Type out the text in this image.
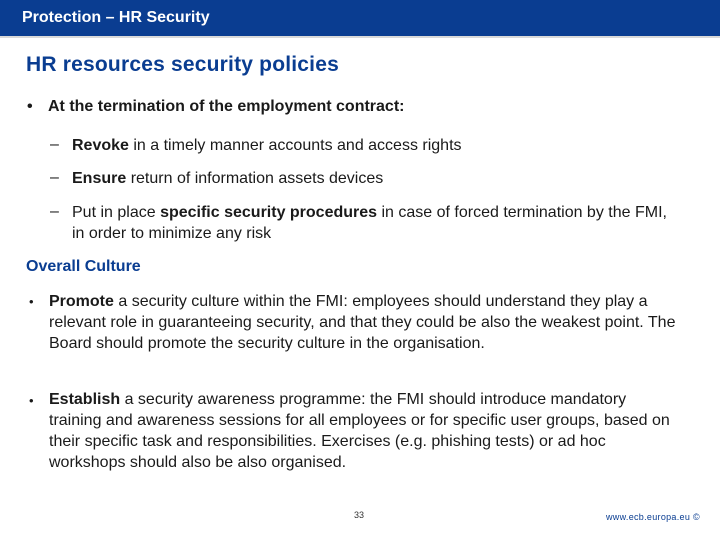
Protection – HR Security
HR resources security policies
• At the termination of the employment contract:
– Revoke in a timely manner accounts and access rights
– Ensure return of information assets devices
– Put in place specific security procedures in case of forced termination by the FMI, in order to minimize any risk
Overall Culture
• Promote a security culture within the FMI: employees should understand they play a relevant role in guaranteeing security, and that they could be also the weakest point. The Board should promote the security culture in the organisation.
• Establish a security awareness programme: the FMI should introduce mandatory training and awareness sessions for all employees or for specific user groups, based on their specific task and responsibilities. Exercises (e.g. phishing tests) or ad hoc workshops should also be also organised.
33	www.ecb.europa.eu ©
